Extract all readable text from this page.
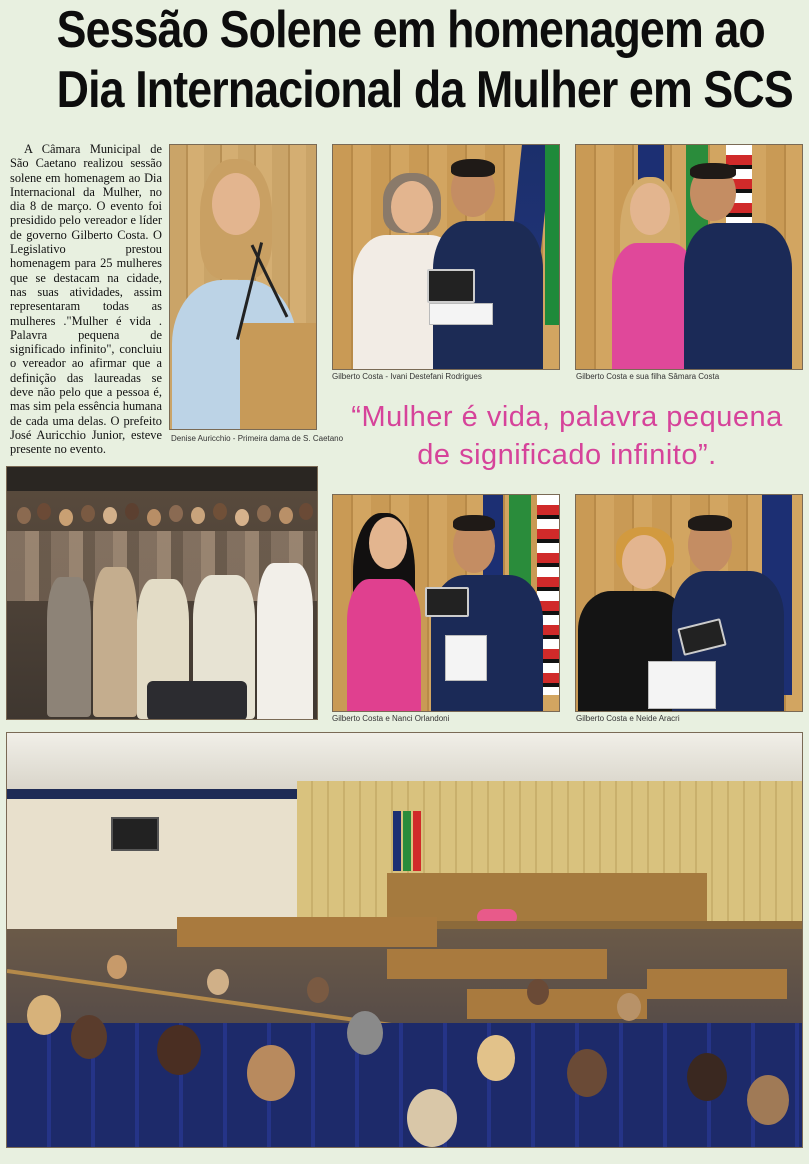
Sessão Solene em homenagem ao
Dia Internacional da Mulher em SCS
A Câmara Municipal de São Caetano realizou sessão solene em homenagem ao Dia Internacional da Mulher, no dia 8 de março. O evento foi presidido pelo vereador e líder de governo Gilberto Costa. O Legislativo prestou homenagem para 25 mulheres que se destacam na cidade, nas suas atividades, assim representaram todas as mulheres ."Mulher é vida . Palavra pequena de significado infinito", concluiu o vereador ao afirmar que a definição das laureadas se deve não pelo que a pessoa é, mas sim pela essência humana de cada uma delas. O prefeito José Auricchio Junior, esteve presente no evento.
Denise Auricchio - Primeira dama de S. Caetano
Gilberto Costa - Ivani Destefani Rodrigues	Gilberto Costa e sua filha Sâmara Costa
“Mulher é vida, palavra pequena
de significado infinito”.
Gilberto Costa e Nanci Orlandoni	Gilberto Costa e Neide Aracri
